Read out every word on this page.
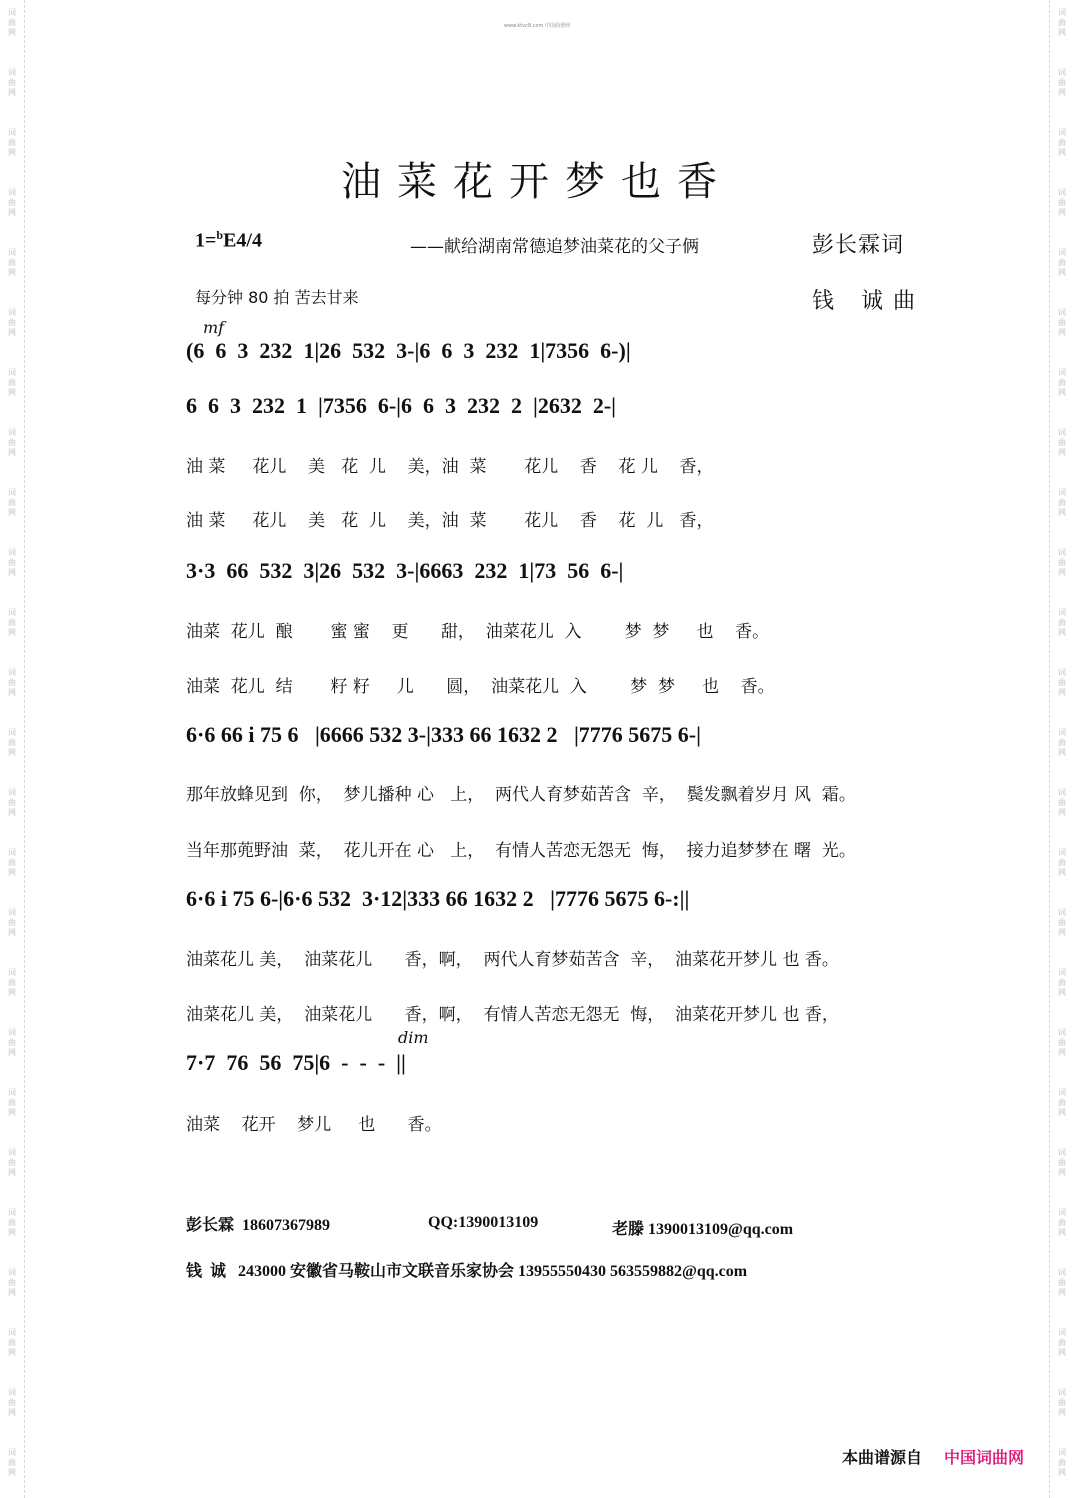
词
曲
网
词
曲
网
词
曲
网
词
曲
网
词
曲
网
词
曲
网
词
曲
网
词
曲
网
词
曲
网
词
曲
网
词
曲
网
词
曲
网
词
曲
网
词
曲
网
词
曲
网
词
曲
网
词
曲
网
词
曲
网
词
曲
网
词
曲
网
词
曲
网
词
曲
网
词
曲
网
词
曲
网
词
曲
网
词
曲
网
词
曲
网
词
曲
网
词
曲
网
词
曲
网
词
曲
网
词
曲
网
词
曲
网
词
曲
网
词
曲
网
词
曲
网
词
曲
网
词
曲
网
词
曲
网
词
曲
网
词
曲
网
词
曲
网
词
曲
网
词
曲
网
词
曲
网
词
曲
网
词
曲
网
词
曲
网
词
曲
网
词
曲
网
www.ktvc8.com 中国曲谱网
油菜花开梦也香
1=$^b$E4/4	——献给湖南常德追梦油菜花的父子俩	彭长霖词
每分钟 80 拍 苦去甘来	钱 诚曲
mf
dim
(6  6  3  232  1|26  532  3-|6  6  3  232  1|7356  6-)|
6  6  3  232  1  |7356  6-|6  6  3  232  2  |2632  2-|
油 菜     花儿    美   花  儿    美，油  菜       花儿    香    花 儿    香，
油 菜     花儿    美   花  儿    美，油  菜       花儿    香    花  儿   香，
3·3  66  532  3|26  532  3-|6663  232  1|73  56  6-|
油菜  花儿  酿       蜜 蜜    更      甜，  油菜花儿  入        梦  梦     也    香。
油菜  花儿  结       籽 籽     儿      圆，  油菜花儿  入        梦  梦     也    香。
6·6 66 i 75 6   |6666 532 3-|333 66 1632 2   |7776 5675 6-|
那年放蜂见到  你，  梦儿播种 心   上，  两代人育梦茹苦含  辛，  鬓发飘着岁月 风  霜。
当年那蔸野油  菜，  花儿开在 心   上，  有情人苦恋无怨无  悔，  接力追梦梦在 曙  光。
6·6 i 75 6-|6·6 532  3·12|333 66 1632 2   |7776 5675 6-:||
油菜花儿 美，  油菜花儿      香，啊，  两代人育梦茹苦含  辛，  油菜花开梦儿 也 香。
油菜花儿 美，  油菜花儿      香，啊，  有情人苦恋无怨无  悔，  油菜花开梦儿 也 香，
7·7  76  56  75|6  -  -  -  ||
油菜    花开    梦儿     也      香。
彭长霖  18607367989	QQ:1390013109	老滕 1390013109@qq.com
钱  诚   243000 安徽省马鞍山市文联音乐家协会 13955550430 563559882@qq.com
本曲谱源自 中国词曲网
